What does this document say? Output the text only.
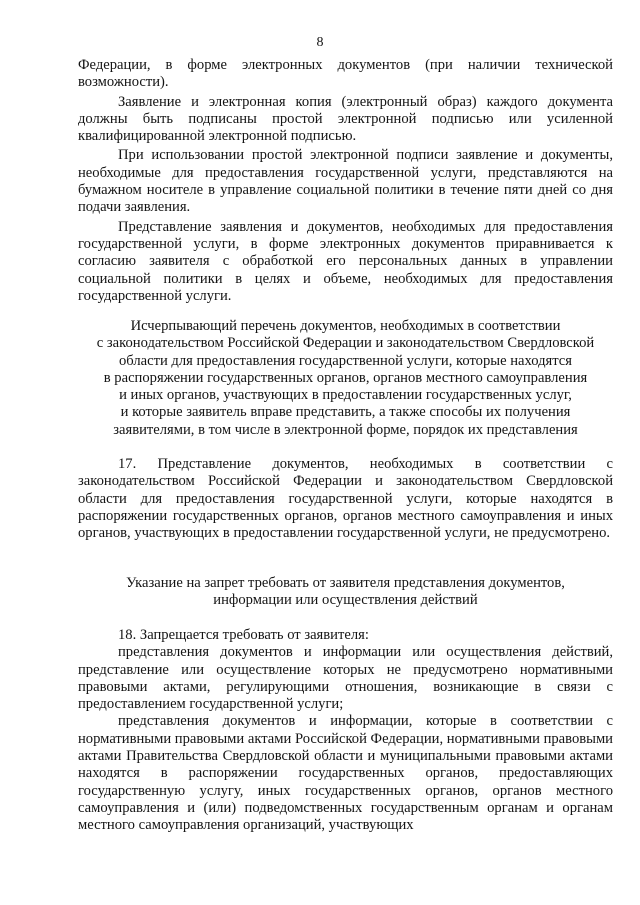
8

Федерации, в форме электронных документов (при наличии технической возможности).

Заявление и электронная копия (электронный образ) каждого документа должны быть подписаны простой электронной подписью или усиленной квалифицированной электронной подписью.

При использовании простой электронной подписи заявление и документы, необходимые для предоставления государственной услуги, представляются на бумажном носителе в управление социальной политики в течение пяти дней со дня подачи заявления.

Представление заявления и документов, необходимых для предоставления государственной услуги, в форме электронных документов приравнивается к согласию заявителя с обработкой его персональных данных в управлении социальной политики в целях и объеме, необходимых для предоставления государственной услуги.

Исчерпывающий перечень документов, необходимых в соответствии

с законодательством Российской Федерации и законодательством Свердловской

области для предоставления государственной услуги, которые находятся

в распоряжении государственных органов, органов местного самоуправления

и иных органов, участвующих в предоставлении государственных услуг,

и которые заявитель вправе представить, а также способы их получения

заявителями, в том числе в электронной форме, порядок их представления

17. Представление документов, необходимых в соответствии с законодательством Российской Федерации и законодательством Свердловской области для предоставления государственной услуги, которые находятся в распоряжении государственных органов, органов местного самоуправления и иных органов, участвующих в предоставлении государственной услуги, не предусмотрено.

Указание на запрет требовать от заявителя представления документов,

информации или осуществления действий

18. Запрещается требовать от заявителя:

представления документов и информации или осуществления действий, представление или осуществление которых не предусмотрено нормативными правовыми актами, регулирующими отношения, возникающие в связи с предоставлением государственной услуги;

представления документов и информации, которые в соответствии с нормативными правовыми актами Российской Федерации, нормативными правовыми актами Правительства Свердловской области и муниципальными правовыми актами находятся в распоряжении государственных органов, предоставляющих государственную услугу, иных государственных органов, органов местного самоуправления и (или) подведомственных государственным органам и органам местного самоуправления организаций, участвующих
